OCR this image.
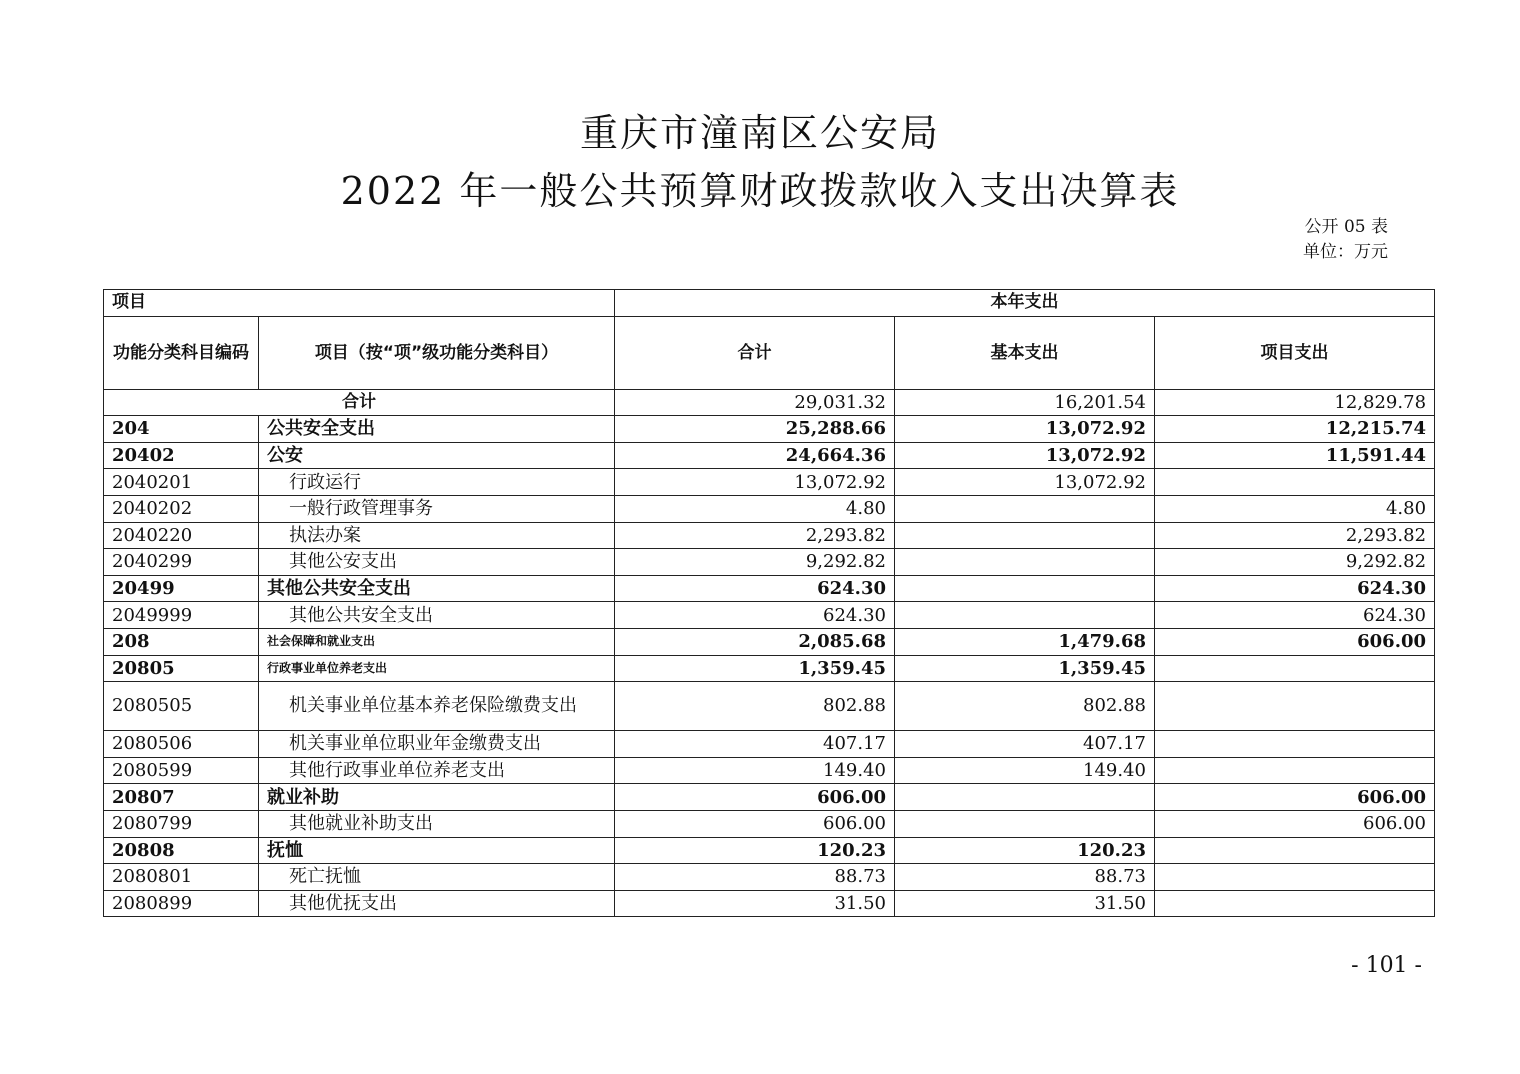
重庆市潼南区公安局
2022 年一般公共预算财政拨款收入支出决算表
公开 05 表
单位：万元
项目		本年支出		
功能分类科目编码	项目（按“项”级功能分类科目）	合计	基本支出	项目支出
合计		29,031.32	16,201.54	12,829.78
204	公共安全支出	25,288.66	13,072.92	12,215.74
20402	公安	24,664.36	13,072.92	11,591.44
2040201	行政运行	13,072.92	13,072.92	
2040202	一般行政管理事务	4.80		4.80
2040220	执法办案	2,293.82		2,293.82
2040299	其他公安支出	9,292.82		9,292.82
20499	其他公共安全支出	624.30		624.30
2049999	其他公共安全支出	624.30		624.30
208	社会保障和就业支出	2,085.68	1,479.68	606.00
20805	行政事业单位养老支出	1,359.45	1,359.45	
2080505	机关事业单位基本养老保险缴费支出	802.88	802.88	
2080506	机关事业单位职业年金缴费支出	407.17	407.17	
2080599	其他行政事业单位养老支出	149.40	149.40	
20807	就业补助	606.00		606.00
2080799	其他就业补助支出	606.00		606.00
20808	抚恤	120.23	120.23	
2080801	死亡抚恤	88.73	88.73	
2080899	其他优抚支出	31.50	31.50	
- 101 -
